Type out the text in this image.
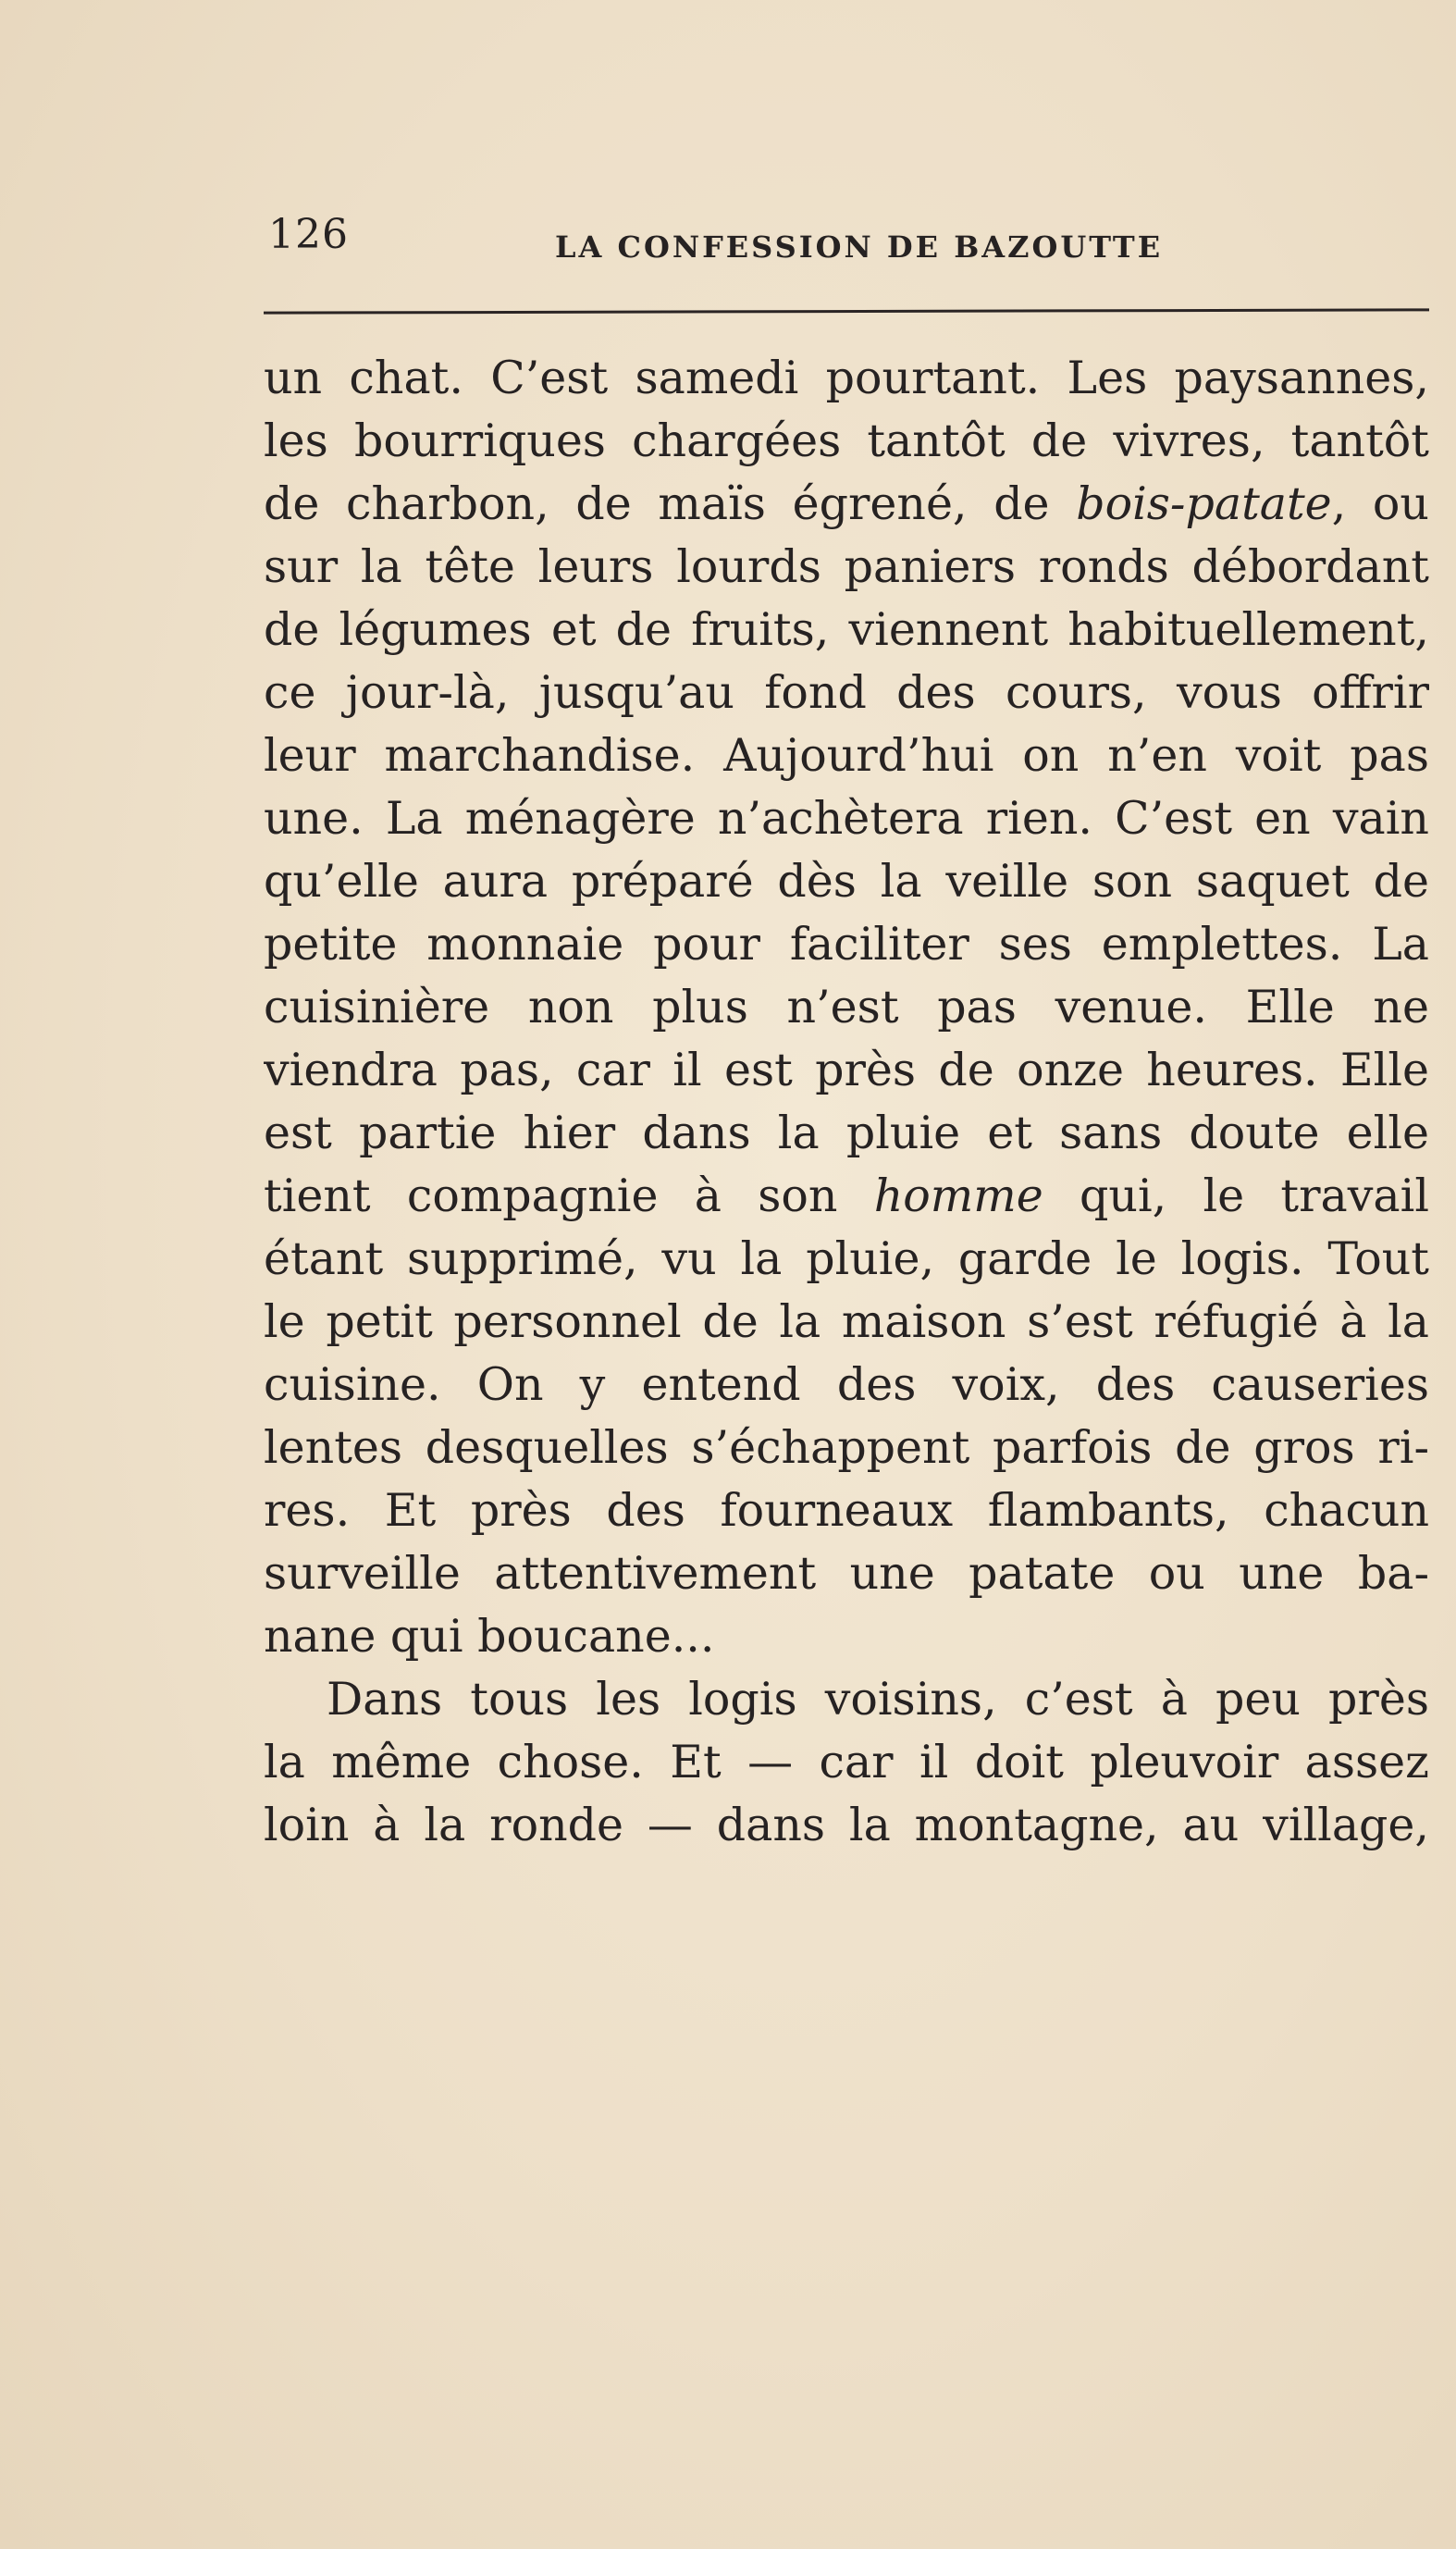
126	LA CONFESSION DE BAZOUTTE
un chat. C’est samedi pourtant. Les paysannes,
les bourriques chargées tantôt de vivres, tantôt
de charbon, de maïs égrené, de bois-patate, ou
sur la tête leurs lourds paniers ronds débordant
de légumes et de fruits, viennent habituellement,
ce jour-là, jusqu’au fond des cours, vous offrir
leur marchandise. Aujourd’hui on n’en voit pas
une. La ménagère n’achètera rien. C’est en vain
qu’elle aura préparé dès la veille son saquet de
petite monnaie pour faciliter ses emplettes. La
cuisinière non plus n’est pas venue. Elle ne
viendra pas, car il est près de onze heures. Elle
est partie hier dans la pluie et sans doute elle
tient compagnie à son homme qui, le travail
étant supprimé, vu la pluie, garde le logis. Tout
le petit personnel de la maison s’est réfugié à la
cuisine. On y entend des voix, des causeries
lentes desquelles s’échappent parfois de gros ri-
res. Et près des fourneaux flambants, chacun
surveille attentivement une patate ou une ba-
nane qui boucane...
Dans tous les logis voisins, c’est à peu près
la même chose. Et — car il doit pleuvoir assez
loin à la ronde — dans la montagne, au village,
